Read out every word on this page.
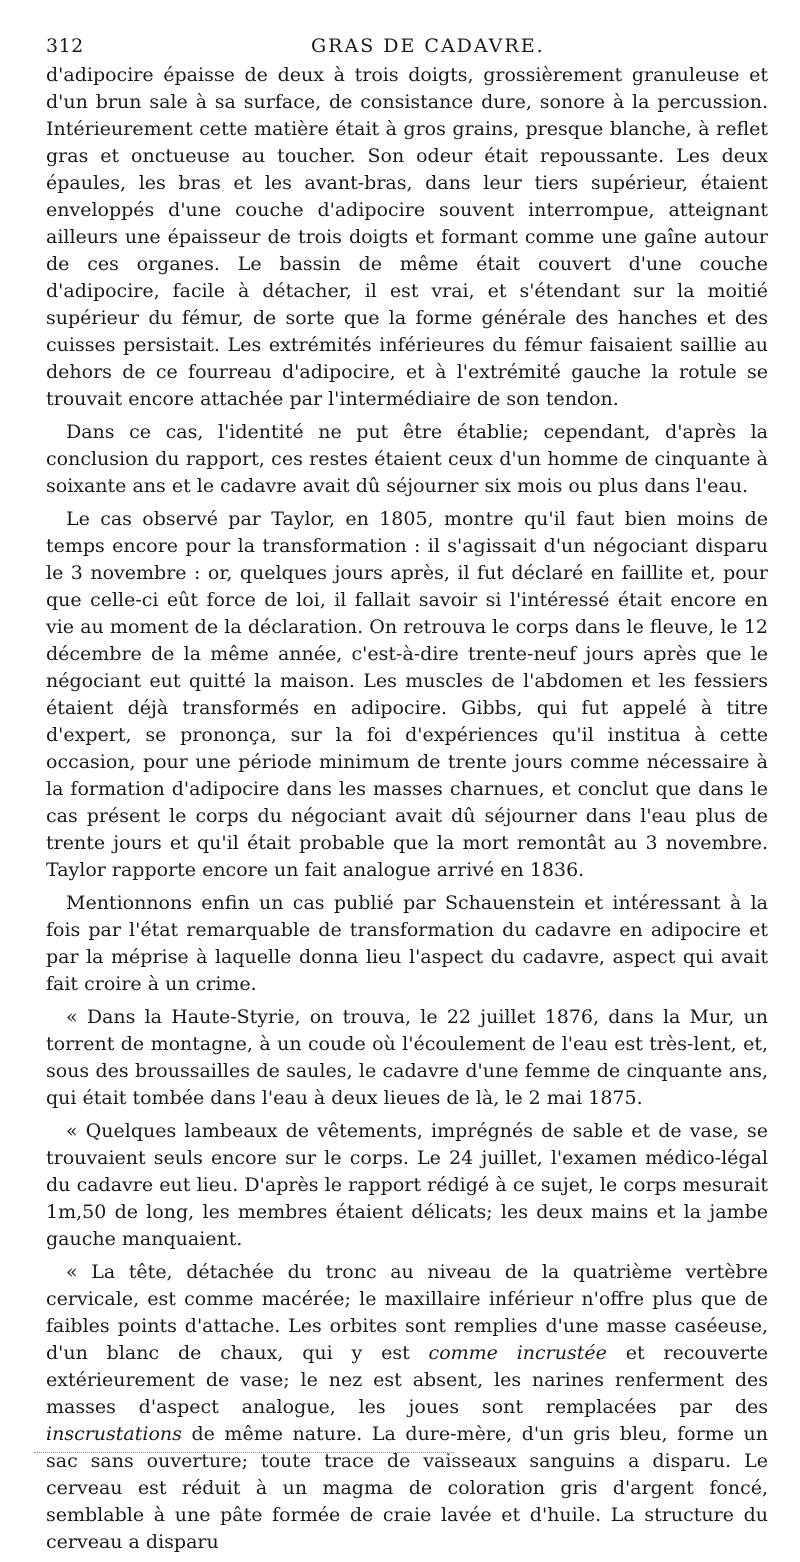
312	GRAS DE CADAVRE.

d'adipocire épaisse de deux à trois doigts, grossièrement granuleuse et d'un brun sale à sa surface, de consistance dure, sonore à la percussion. Intérieurement cette matière était à gros grains, presque blanche, à reflet gras et onctueuse au toucher. Son odeur était repoussante. Les deux épaules, les bras et les avant-bras, dans leur tiers supérieur, étaient enveloppés d'une couche d'adipocire souvent interrompue, atteignant ailleurs une épaisseur de trois doigts et formant comme une gaîne autour de ces organes. Le bassin de même était couvert d'une couche d'adipocire, facile à détacher, il est vrai, et s'étendant sur la moitié supérieur du fémur, de sorte que la forme générale des hanches et des cuisses persistait. Les extrémités inférieures du fémur faisaient saillie au dehors de ce fourreau d'adipocire, et à l'extrémité gauche la rotule se trouvait encore attachée par l'intermédiaire de son tendon.

Dans ce cas, l'identité ne put être établie; cependant, d'après la conclusion du rapport, ces restes étaient ceux d'un homme de cinquante à soixante ans et le cadavre avait dû séjourner six mois ou plus dans l'eau.

Le cas observé par Taylor, en 1805, montre qu'il faut bien moins de temps encore pour la transformation : il s'agissait d'un négociant disparu le 3 novembre : or, quelques jours après, il fut déclaré en faillite et, pour que celle-ci eût force de loi, il fallait savoir si l'intéressé était encore en vie au moment de la déclaration. On retrouva le corps dans le fleuve, le 12 décembre de la même année, c'est-à-dire trente-neuf jours après que le négociant eut quitté la maison. Les muscles de l'abdomen et les fessiers étaient déjà transformés en adipocire. Gibbs, qui fut appelé à titre d'expert, se prononça, sur la foi d'expériences qu'il institua à cette occasion, pour une période minimum de trente jours comme nécessaire à la formation d'adipocire dans les masses charnues, et conclut que dans le cas présent le corps du négociant avait dû séjourner dans l'eau plus de trente jours et qu'il était probable que la mort remontât au 3 novembre. Taylor rapporte encore un fait analogue arrivé en 1836.

Mentionnons enfin un cas publié par Schauenstein et intéressant à la fois par l'état remarquable de transformation du cadavre en adipocire et par la méprise à laquelle donna lieu l'aspect du cadavre, aspect qui avait fait croire à un crime.

« Dans la Haute-Styrie, on trouva, le 22 juillet 1876, dans la Mur, un torrent de montagne, à un coude où l'écoulement de l'eau est très-lent, et, sous des broussailles de saules, le cadavre d'une femme de cinquante ans, qui était tombée dans l'eau à deux lieues de là, le 2 mai 1875.

« Quelques lambeaux de vêtements, imprégnés de sable et de vase, se trouvaient seuls encore sur le corps. Le 24 juillet, l'examen médico-légal du cadavre eut lieu. D'après le rapport rédigé à ce sujet, le corps mesurait 1m,50 de long, les membres étaient délicats; les deux mains et la jambe gauche manquaient.

« La tête, détachée du tronc au niveau de la quatrième vertèbre cervicale, est comme macérée; le maxillaire inférieur n'offre plus que de faibles points d'attache. Les orbites sont remplies d'une masse caséeuse, d'un blanc de chaux, qui y est comme incrustée et recouverte extérieurement de vase; le nez est absent, les narines renferment des masses d'aspect analogue, les joues sont remplacées par des inscrustations de même nature. La dure-mère, d'un gris bleu, forme un sac sans ouverture; toute trace de vaisseaux sanguins a disparu. Le cerveau est réduit à un magma de coloration gris d'argent foncé, semblable à une pâte formée de craie lavée et d'huile. La structure du cerveau a disparu
